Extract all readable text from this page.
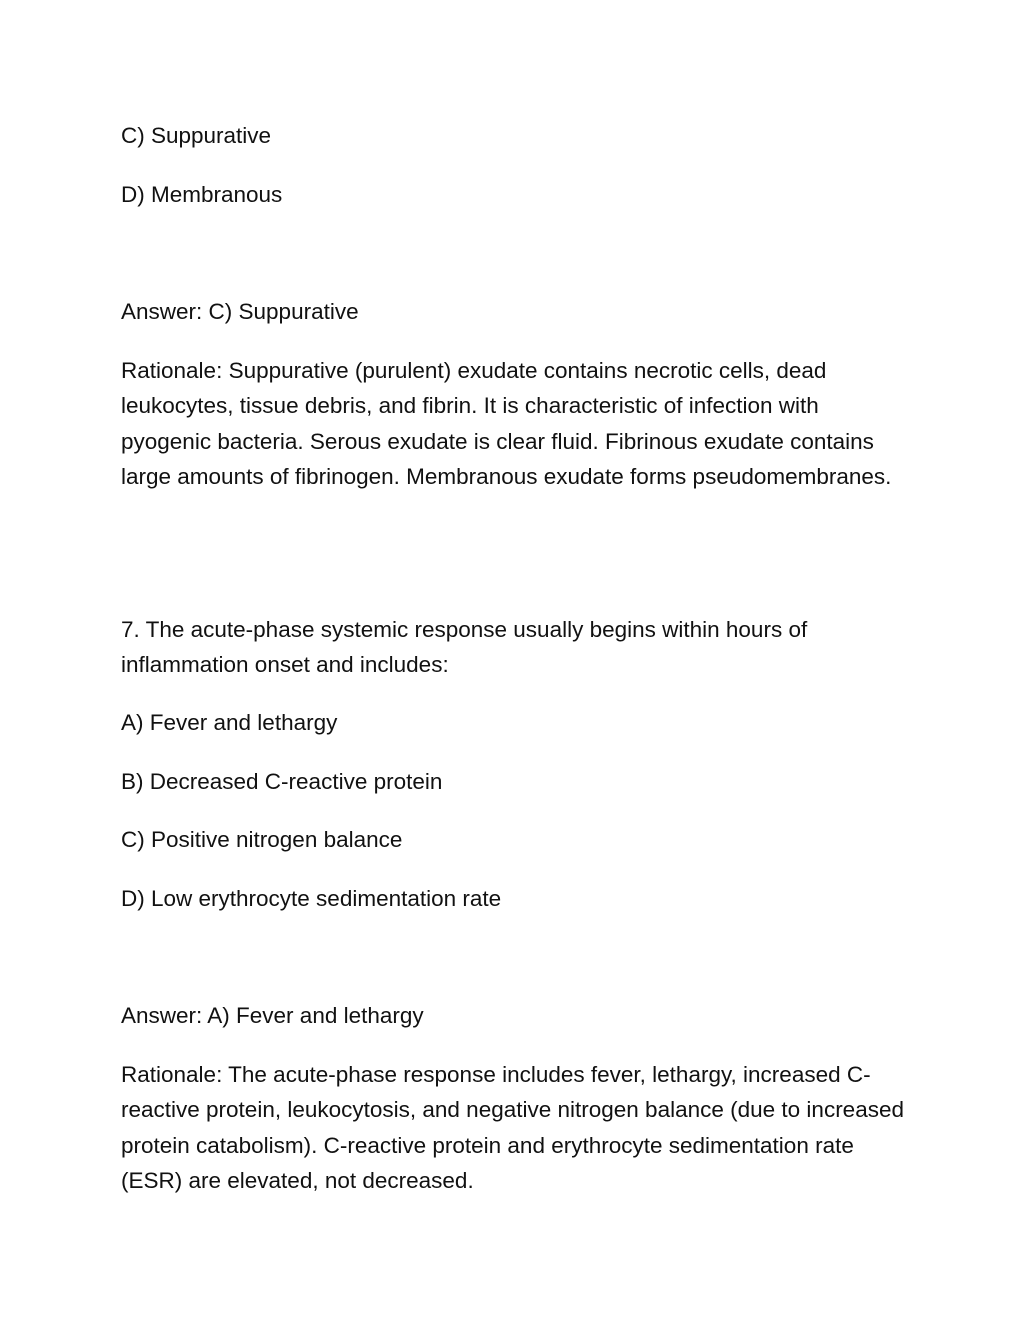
C) Suppurative

D) Membranous

Answer: C) Suppurative

Rationale: Suppurative (purulent) exudate contains necrotic cells, dead leukocytes, tissue debris, and fibrin. It is characteristic of infection with pyogenic bacteria. Serous exudate is clear fluid. Fibrinous exudate contains large amounts of fibrinogen. Membranous exudate forms pseudomembranes.

7. The acute-phase systemic response usually begins within hours of inflammation onset and includes:

A) Fever and lethargy

B) Decreased C-reactive protein

C) Positive nitrogen balance

D) Low erythrocyte sedimentation rate

Answer: A) Fever and lethargy

Rationale: The acute-phase response includes fever, lethargy, increased C-reactive protein, leukocytosis, and negative nitrogen balance (due to increased protein catabolism). C-reactive protein and erythrocyte sedimentation rate (ESR) are elevated, not decreased.
